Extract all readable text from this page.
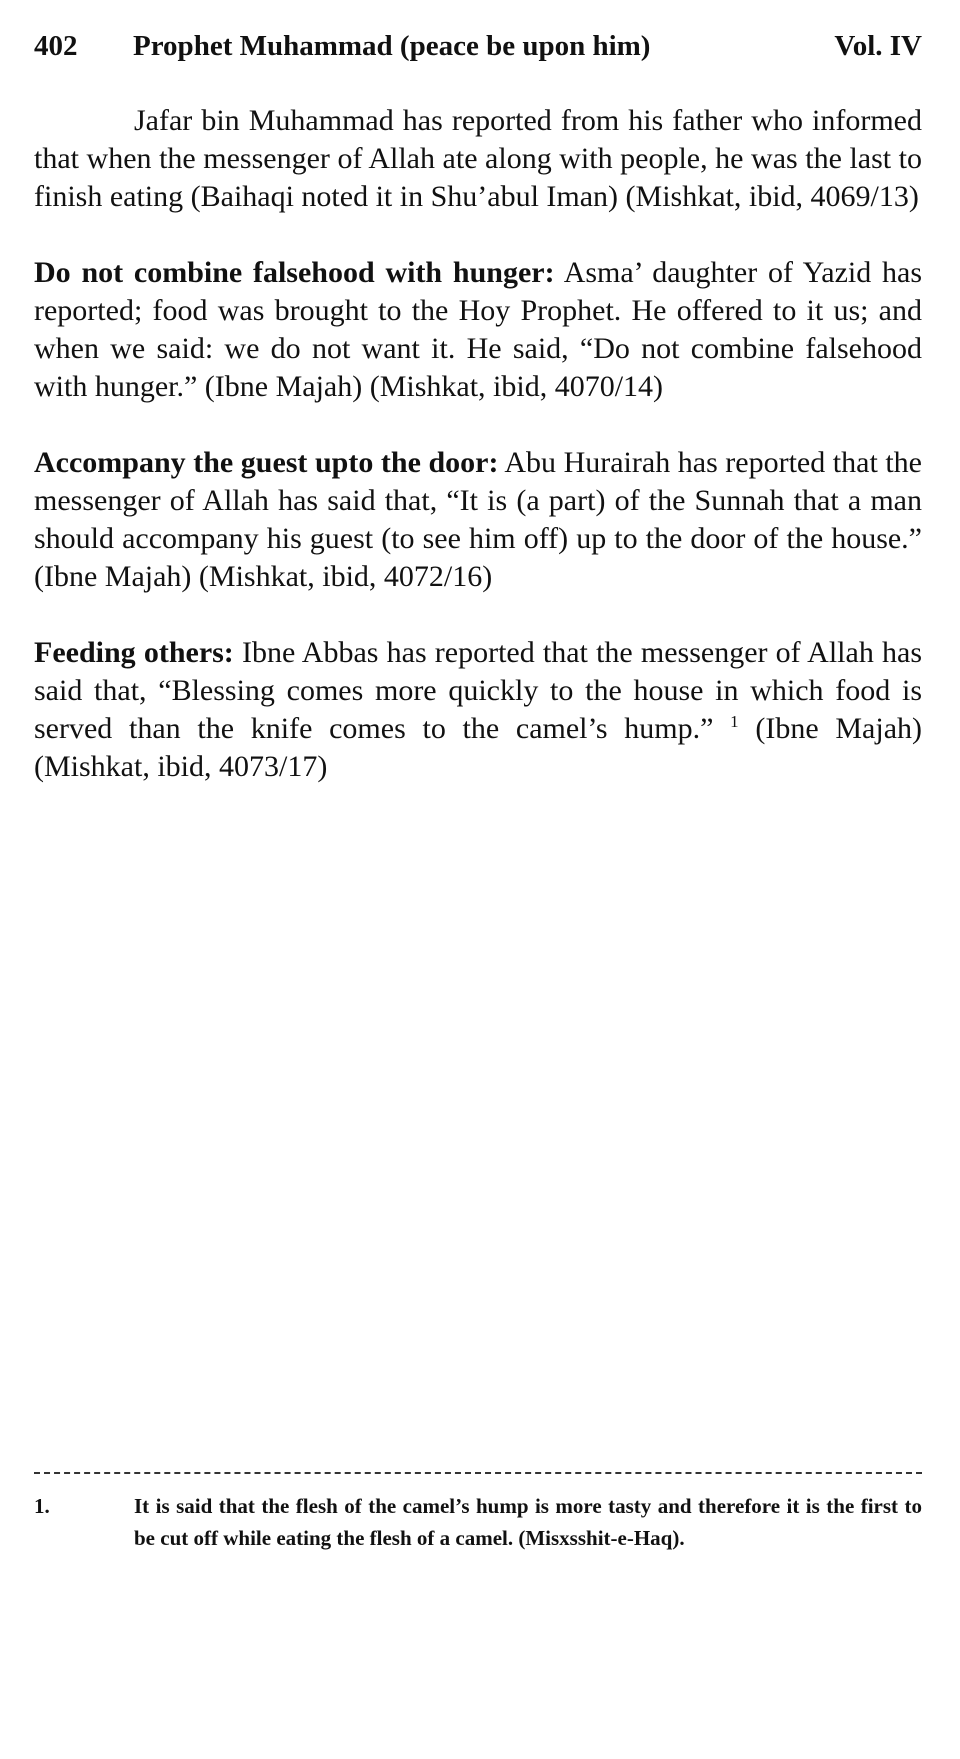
402	Prophet Muhammad (peace be upon him)	Vol. IV

Jafar bin Muhammad has reported from his father who informed that when the messenger of Allah ate along with people, he was the last to finish eating (Baihaqi noted it in Shu’abul Iman) (Mishkat, ibid, 4069/13)

Do not combine falsehood with hunger: Asma’ daughter of Yazid has reported; food was brought to the Hoy Prophet. He offered to it us; and when we said: we do not want it. He said, “Do not combine falsehood with hunger.” (Ibne Majah) (Mishkat, ibid, 4070/14)

Accompany the guest upto the door: Abu Hurairah has reported that the messenger of Allah has said that, “It is (a part) of the Sunnah that a man should accompany his guest (to see him off) up to the door of the house.” (Ibne Majah) (Mishkat, ibid, 4072/16)

Feeding others: Ibne Abbas has reported that the messenger of Allah has said that, “Blessing comes more quickly to the house in which food is served than the knife comes to the camel’s hump.” $^1$ (Ibne Majah) (Mishkat, ibid, 4073/17)

1.	It is said that the flesh of the camel’s hump is more tasty and therefore it is the first to be cut off while eating the flesh of a camel. (Misxsshit-e-Haq).
